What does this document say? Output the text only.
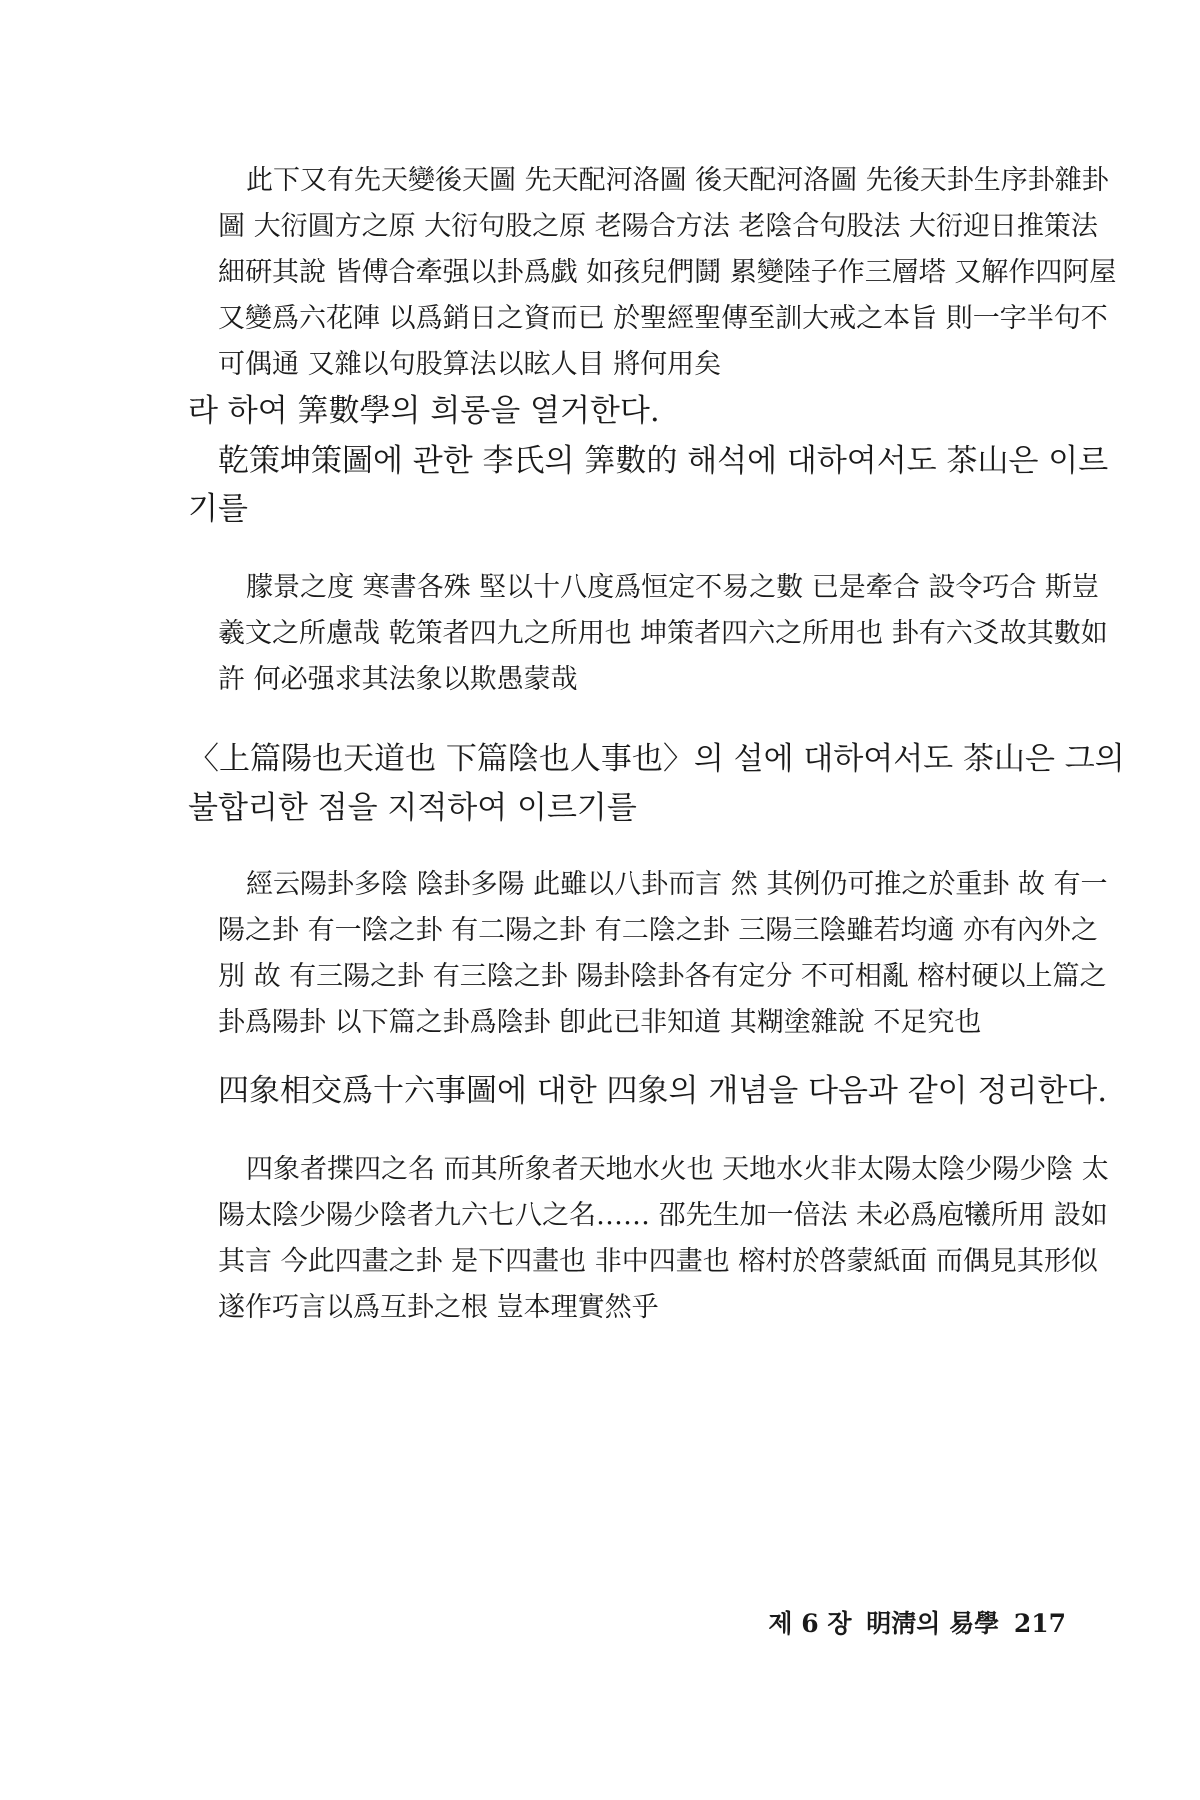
此下又有先天變後天圖 先天配河洛圖 後天配河洛圖 先後天卦生序卦雜卦
圖 大衍圓方之原 大衍句股之原 老陽合方法 老陰合句股法 大衍迎日推策法
細硏其說 皆傅合牽强以卦爲戯 如孩兒們鬪 累變陸子作三層塔 又解作四阿屋
又變爲六花陣 以爲銷日之資而已 於聖經聖傳至訓大戒之本旨 則一字半句不
可偶通 又雜以句股算法以眩人目 將何用矣
라 하여 筭數學의 희롱을 열거한다.
乾策坤策圖에 관한 李氏의 筭數的 해석에 대하여서도 茶山은 이르
기를
朦景之度 寒書各殊 堅以十八度爲恒定不易之數 已是牽合 設令巧合 斯豈
羲文之所慮哉 乾策者四九之所用也 坤策者四六之所用也 卦有六爻故其數如
許 何必强求其法象以欺愚蒙哉
〈上篇陽也天道也 下篇陰也人事也〉의 설에 대하여서도 茶山은 그의
불합리한 점을 지적하여 이르기를
經云陽卦多陰 陰卦多陽 此雖以八卦而言 然 其例仍可推之於重卦 故 有一
陽之卦 有一陰之卦 有二陽之卦 有二陰之卦 三陽三陰雖若均適 亦有內外之
別 故 有三陽之卦 有三陰之卦 陽卦陰卦各有定分 不可相亂 榕村硬以上篇之
卦爲陽卦 以下篇之卦爲陰卦 卽此已非知道 其糊塗雜說 不足究也
四象相交爲十六事圖에 대한 四象의 개념을 다음과 같이 정리한다.
四象者揲四之名 而其所象者天地水火也 天地水火非太陽太陰少陽少陰 太
陽太陰少陽少陰者九六七八之名…… 邵先生加一倍法 未必爲庖犧所用 設如
其言 今此四畫之卦 是下四畫也 非中四畫也 榕村於啓蒙紙面 而偶見其形似
遂作巧言以爲互卦之根 豈本理實然乎
제 6 장 明淸의 易學 217
